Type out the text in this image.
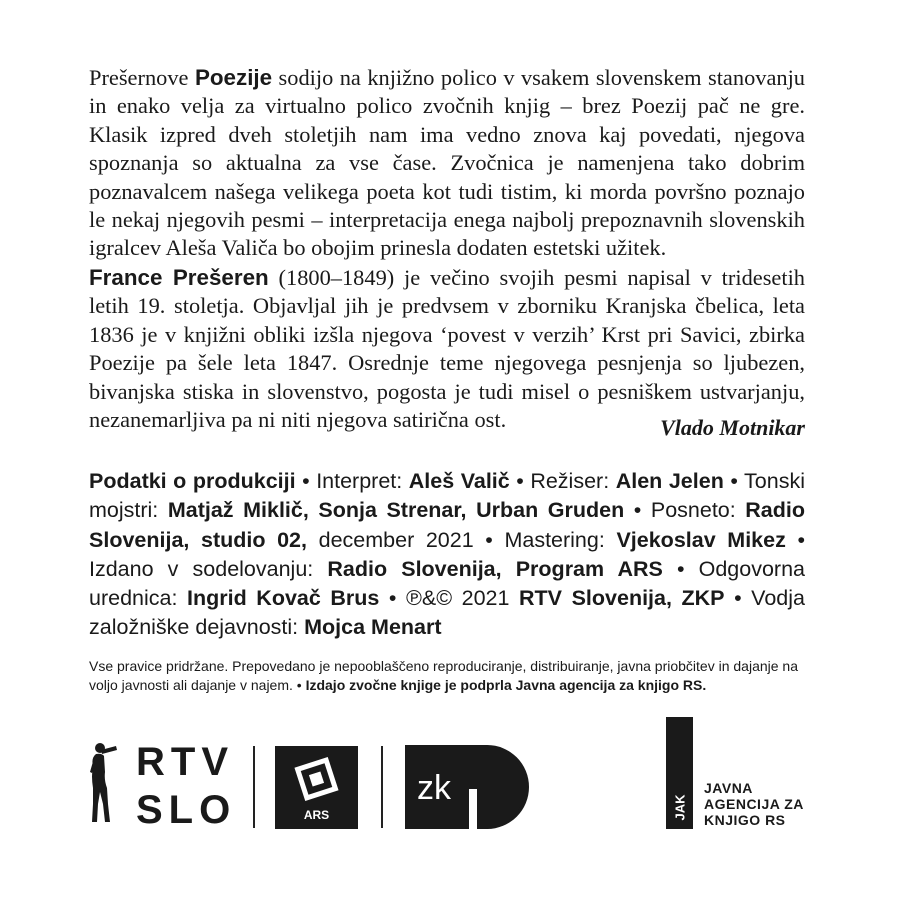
Prešernove Poezije sodijo na knjižno polico v vsakem slovenskem stanovanju in enako velja za virtualno polico zvočnih knjig – brez Poezij pač ne gre. Klasik izpred dveh stoletjih nam ima vedno znova kaj povedati, njegova spoznanja so aktualna za vse čase. Zvočnica je namenjena tako dobrim poznavalcem našega velikega poeta kot tudi tistim, ki morda površno poznajo le nekaj njegovih pesmi – interpretacija enega najbolj prepoznavnih slovenskih igralcev Aleša Valiča bo obojim prinesla dodaten estetski užitek.

France Prešeren (1800–1849) je večino svojih pesmi napisal v tridesetih letih 19. stoletja. Objavljal jih je predvsem v zborniku Kranjska čbelica, leta 1836 je v knjižni obliki izšla njegova ‘povest v verzih’ Krst pri Savici, zbirka Poezije pa šele leta 1847. Osrednje teme njegovega pesnjenja so ljubezen, bivanjska stiska in slovenstvo, pogosta je tudi misel o pesniškem ustvarjanju, nezanemarljiva pa ni niti njegova satirična ost.	Vlado Motnikar

Podatki o produkciji • Interpret: Aleš Valič • Režiser: Alen Jelen • Tonski mojstri: Matjaž Miklič, Sonja Strenar, Urban Gruden • Posneto: Radio Slovenija, studio 02, december 2021 • Mastering: Vjekoslav Mikez • Izdano v sodelovanju: Radio Slovenija, Program ARS • Odgovorna urednica: Ingrid Kovač Brus • ℗&© 2021 RTV Slovenija, ZKP • Vodja založniške dejavnosti: Mojca Menart

Vse pravice pridržane. Prepovedano je nepooblaščeno reproduciranje, distribuiranje, javna priobčitev in dajanje na voljo javnosti ali dajanje v najem. • Izdajo zvočne knjige je podprla Javna agencija za knjigo RS.

RTV
SLO	ARS
zk
JAK
JAVNA
AGENCIJA ZA
KNJIGO RS
